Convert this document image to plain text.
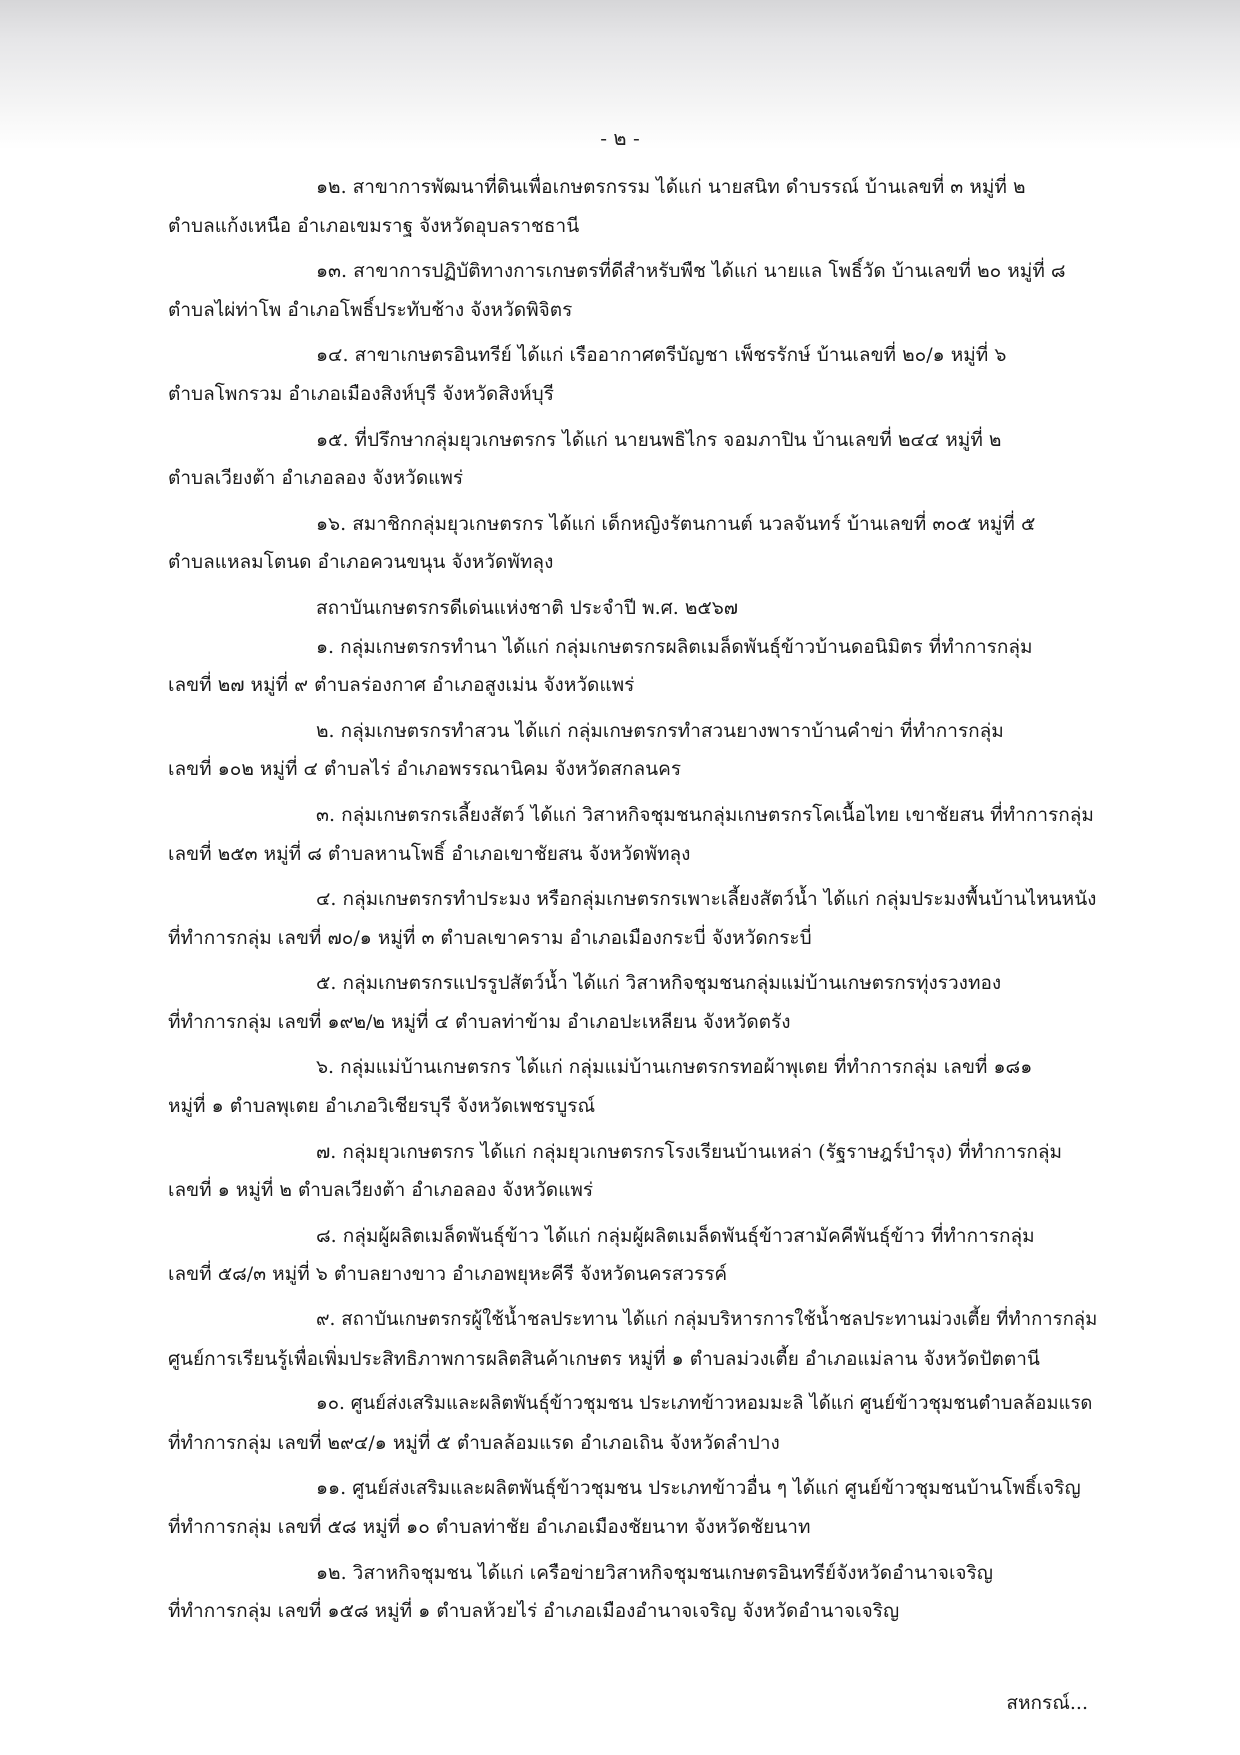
- ๒ -
๑๒. สาขาการพัฒนาที่ดินเพื่อเกษตรกรรม ได้แก่ นายสนิท ดำบรรณ์ บ้านเลขที่ ๓ หมู่ที่ ๒
ตำบลแก้งเหนือ อำเภอเขมราฐ จังหวัดอุบลราชธานี
๑๓. สาขาการปฏิบัติทางการเกษตรที่ดีสำหรับพืช ได้แก่ นายแล โพธิ์วัด บ้านเลขที่ ๒๐ หมู่ที่ ๘
ตำบลไผ่ท่าโพ อำเภอโพธิ์ประทับช้าง จังหวัดพิจิตร
๑๔. สาขาเกษตรอินทรีย์ ได้แก่ เรืออากาศตรีบัญชา เพ็ชรรักษ์ บ้านเลขที่ ๒๐/๑ หมู่ที่ ๖
ตำบลโพกรวม อำเภอเมืองสิงห์บุรี จังหวัดสิงห์บุรี
๑๕. ที่ปรึกษากลุ่มยุวเกษตรกร ได้แก่ นายนพธิไกร จอมภาปิน บ้านเลขที่ ๒๔๔ หมู่ที่ ๒
ตำบลเวียงต้า อำเภอลอง จังหวัดแพร่
๑๖. สมาชิกกลุ่มยุวเกษตรกร ได้แก่ เด็กหญิงรัตนกานต์ นวลจันทร์ บ้านเลขที่ ๓๐๕ หมู่ที่ ๕
ตำบลแหลมโตนด อำเภอควนขนุน จังหวัดพัทลุง
สถาบันเกษตรกรดีเด่นแห่งชาติ ประจำปี พ.ศ. ๒๕๖๗
๑. กลุ่มเกษตรกรทำนา ได้แก่ กลุ่มเกษตรกรผลิตเมล็ดพันธุ์ข้าวบ้านดอนิมิตร ที่ทำการกลุ่ม
เลขที่ ๒๗ หมู่ที่ ๙ ตำบลร่องกาศ อำเภอสูงเม่น จังหวัดแพร่
๒. กลุ่มเกษตรกรทำสวน ได้แก่ กลุ่มเกษตรกรทำสวนยางพาราบ้านคำข่า ที่ทำการกลุ่ม
เลขที่ ๑๐๒ หมู่ที่ ๔ ตำบลไร่ อำเภอพรรณานิคม จังหวัดสกลนคร
๓. กลุ่มเกษตรกรเลี้ยงสัตว์ ได้แก่ วิสาหกิจชุมชนกลุ่มเกษตรกรโคเนื้อไทย เขาชัยสน ที่ทำการกลุ่ม
เลขที่ ๒๕๓ หมู่ที่ ๘ ตำบลหานโพธิ์ อำเภอเขาชัยสน จังหวัดพัทลุง
๔. กลุ่มเกษตรกรทำประมง หรือกลุ่มเกษตรกรเพาะเลี้ยงสัตว์น้ำ ได้แก่ กลุ่มประมงพื้นบ้านไหนหนัง
ที่ทำการกลุ่ม เลขที่ ๗๐/๑ หมู่ที่ ๓ ตำบลเขาคราม อำเภอเมืองกระบี่ จังหวัดกระบี่
๕. กลุ่มเกษตรกรแปรรูปสัตว์น้ำ ได้แก่ วิสาหกิจชุมชนกลุ่มแม่บ้านเกษตรกรทุ่งรวงทอง
ที่ทำการกลุ่ม เลขที่ ๑๙๒/๒ หมู่ที่ ๔ ตำบลท่าข้าม อำเภอปะเหลียน จังหวัดตรัง
๖. กลุ่มแม่บ้านเกษตรกร ได้แก่ กลุ่มแม่บ้านเกษตรกรทอผ้าพุเตย ที่ทำการกลุ่ม เลขที่ ๑๘๑
หมู่ที่ ๑ ตำบลพุเตย อำเภอวิเชียรบุรี จังหวัดเพชรบูรณ์
๗. กลุ่มยุวเกษตรกร ได้แก่ กลุ่มยุวเกษตรกรโรงเรียนบ้านเหล่า (รัฐราษฎร์บำรุง) ที่ทำการกลุ่ม
เลขที่ ๑ หมู่ที่ ๒ ตำบลเวียงต้า อำเภอลอง จังหวัดแพร่
๘. กลุ่มผู้ผลิตเมล็ดพันธุ์ข้าว ได้แก่ กลุ่มผู้ผลิตเมล็ดพันธุ์ข้าวสามัคคีพันธุ์ข้าว ที่ทำการกลุ่ม
เลขที่ ๕๘/๓ หมู่ที่ ๖ ตำบลยางขาว อำเภอพยุหะคีรี จังหวัดนครสวรรค์
๙. สถาบันเกษตรกรผู้ใช้น้ำชลประทาน ได้แก่ กลุ่มบริหารการใช้น้ำชลประทานม่วงเตี้ย ที่ทำการกลุ่ม
ศูนย์การเรียนรู้เพื่อเพิ่มประสิทธิภาพการผลิตสินค้าเกษตร หมู่ที่ ๑ ตำบลม่วงเตี้ย อำเภอแม่ลาน จังหวัดปัตตานี
๑๐. ศูนย์ส่งเสริมและผลิตพันธุ์ข้าวชุมชน ประเภทข้าวหอมมะลิ ได้แก่ ศูนย์ข้าวชุมชนตำบลล้อมแรด
ที่ทำการกลุ่ม เลขที่ ๒๙๔/๑ หมู่ที่ ๕ ตำบลล้อมแรด อำเภอเถิน จังหวัดลำปาง
๑๑. ศูนย์ส่งเสริมและผลิตพันธุ์ข้าวชุมชน ประเภทข้าวอื่น ๆ ได้แก่ ศูนย์ข้าวชุมชนบ้านโพธิ์เจริญ
ที่ทำการกลุ่ม เลขที่ ๕๘ หมู่ที่ ๑๐ ตำบลท่าชัย อำเภอเมืองชัยนาท จังหวัดชัยนาท
๑๒. วิสาหกิจชุมชน ได้แก่ เครือข่ายวิสาหกิจชุมชนเกษตรอินทรีย์จังหวัดอำนาจเจริญ
ที่ทำการกลุ่ม เลขที่ ๑๕๘ หมู่ที่ ๑ ตำบลห้วยไร่ อำเภอเมืองอำนาจเจริญ จังหวัดอำนาจเจริญ
สหกรณ์...
